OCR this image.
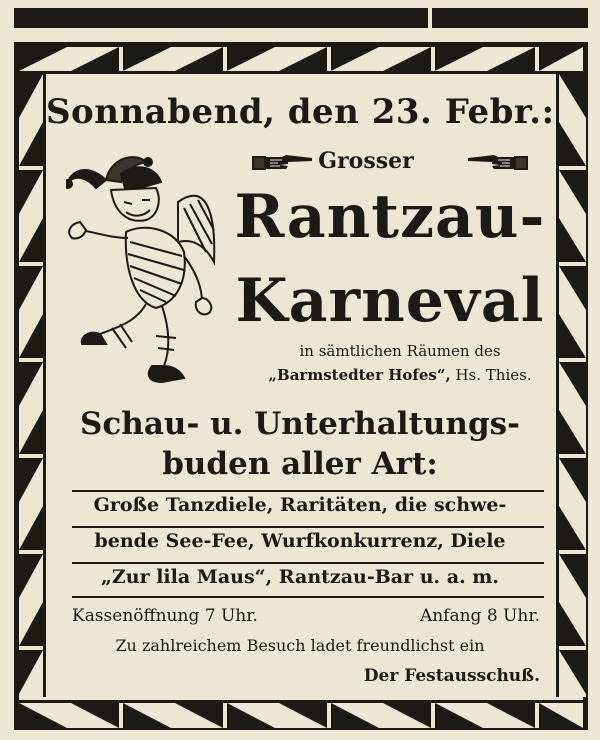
Sonnabend, den 23. Febr.:
Grosser
Rantzau-
Karneval
in sämtlichen Räumen des
„Barmstedter Hofes“, Hs. Thies.
Schau- u. Unterhaltungs-
buden aller Art:
Große Tanzdiele, Raritäten, die schwe-
bende See-Fee, Wurfkonkurrenz, Diele
„Zur lila Maus“, Rantzau-Bar u. a. m.
Kassenöffnung 7 Uhr.	Anfang 8 Uhr.
Zu zahlreichem Besuch ladet freundlichst ein
Der Festausschuß.
